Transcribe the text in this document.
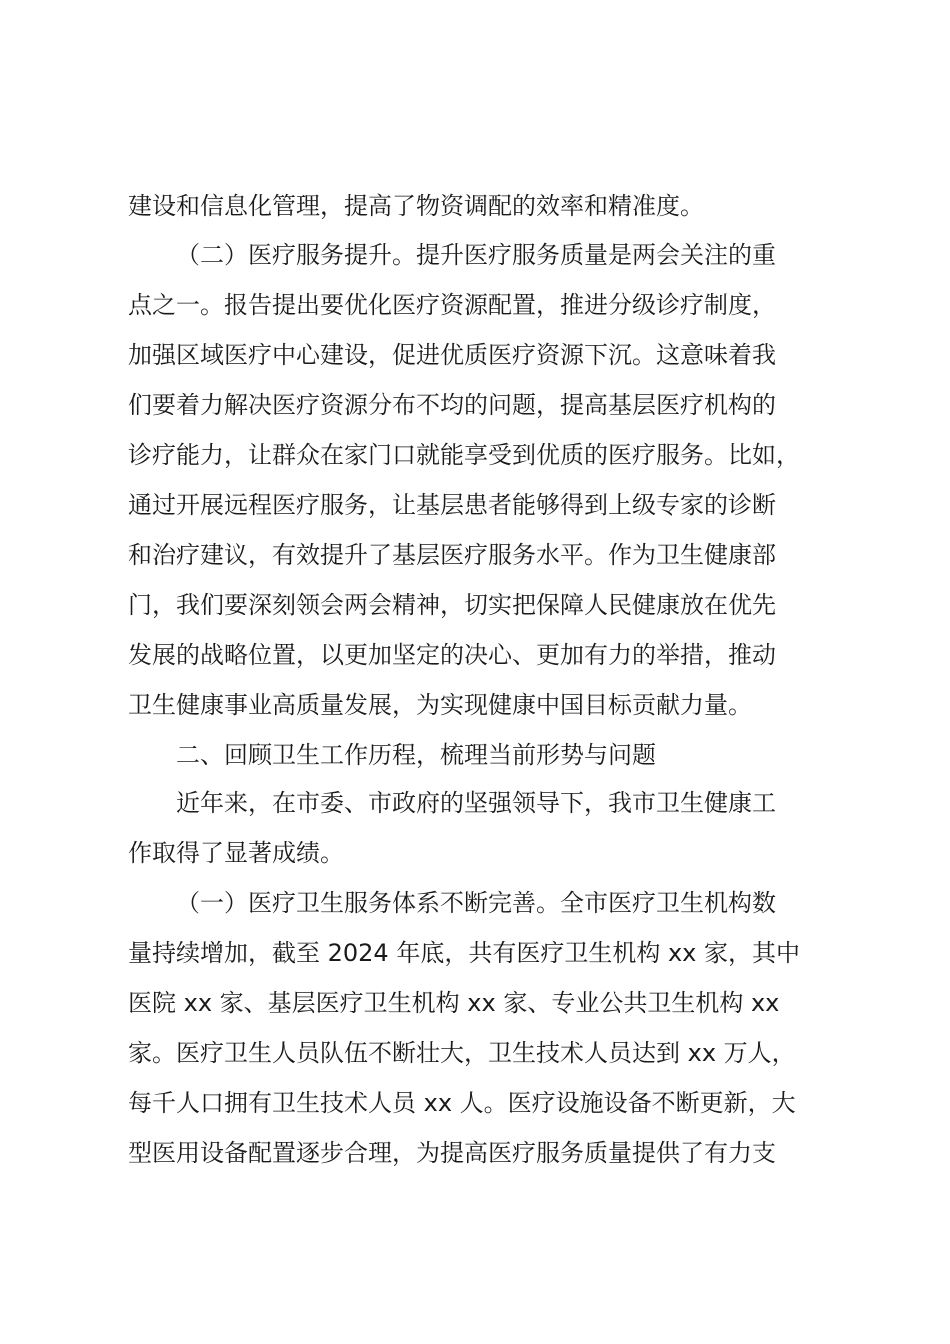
建设和信息化管理，提高了物资调配的效率和精准度。
（二）医疗服务提升。提升医疗服务质量是两会关注的重
点之一。报告提出要优化医疗资源配置，推进分级诊疗制度，
加强区域医疗中心建设，促进优质医疗资源下沉。这意味着我
们要着力解决医疗资源分布不均的问题，提高基层医疗机构的
诊疗能力，让群众在家门口就能享受到优质的医疗服务。比如，
通过开展远程医疗服务，让基层患者能够得到上级专家的诊断
和治疗建议，有效提升了基层医疗服务水平。作为卫生健康部
门，我们要深刻领会两会精神，切实把保障人民健康放在优先
发展的战略位置，以更加坚定的决心、更加有力的举措，推动
卫生健康事业高质量发展，为实现健康中国目标贡献力量。
二、回顾卫生工作历程，梳理当前形势与问题
近年来，在市委、市政府的坚强领导下，我市卫生健康工
作取得了显著成绩。
（一）医疗卫生服务体系不断完善。全市医疗卫生机构数
量持续增加，截至 2024 年底，共有医疗卫生机构 xx 家，其中
医院 xx 家、基层医疗卫生机构 xx 家、专业公共卫生机构 xx
家。医疗卫生人员队伍不断壮大，卫生技术人员达到 xx 万人，
每千人口拥有卫生技术人员 xx 人。医疗设施设备不断更新，大
型医用设备配置逐步合理，为提高医疗服务质量提供了有力支
